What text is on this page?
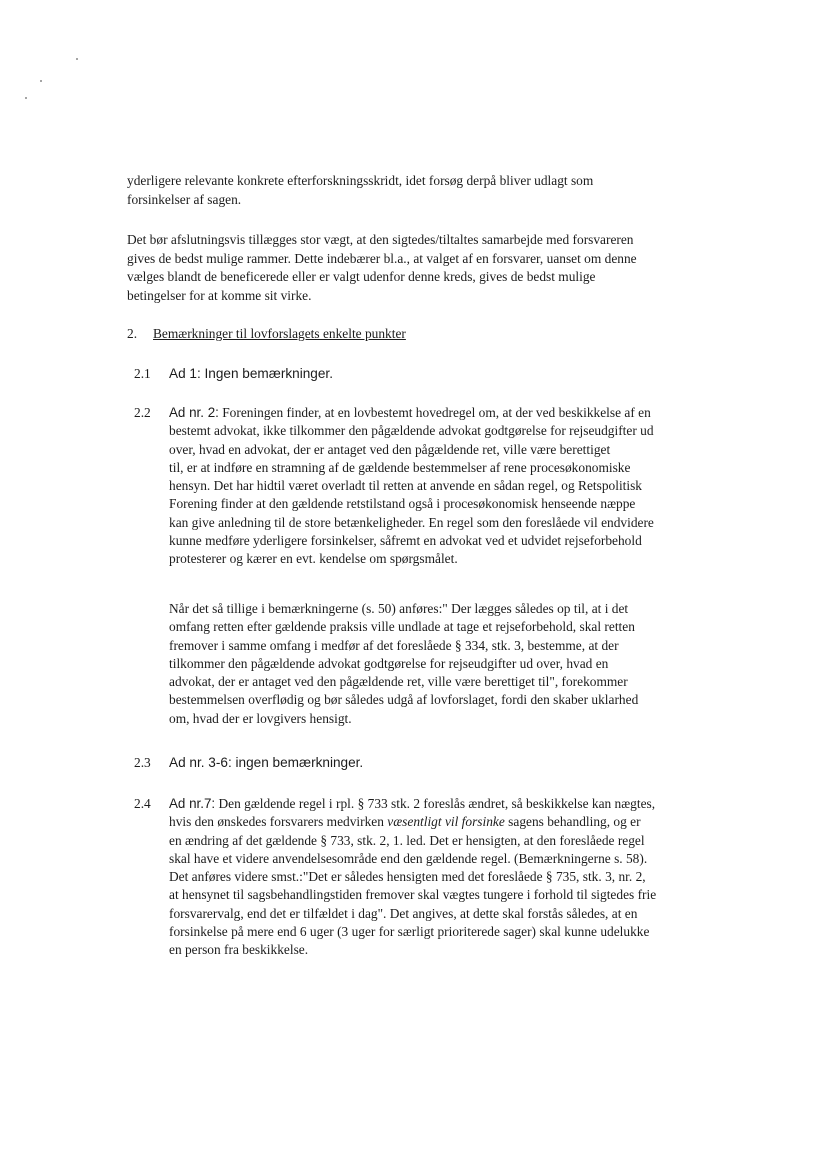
yderligere relevante konkrete efterforskningsskridt, idet forsøg derpå bliver udlagt som
forsinkelser af sagen.

Det bør afslutningsvis tillægges stor vægt, at den sigtedes/tiltaltes samarbejde med forsvareren
gives de bedst mulige rammer. Dette indebærer bl.a., at valget af en forsvarer, uanset om denne
vælges blandt de beneficerede eller er valgt udenfor denne kreds, gives de bedst mulige
betingelser for at komme sit virke.

2. Bemærkninger til lovforslagets enkelte punkter
2.1 Ad 1: Ingen bemærkninger.
2.2 Ad nr. 2: Foreningen finder, at en lovbestemt hovedregel om, at der ved beskikkelse af en
bestemt advokat, ikke tilkommer den pågældende advokat godtgørelse for rejseudgifter ud
over, hvad en advokat, der er antaget ved den pågældende ret, ville være berettiget
til, er at indføre en stramning af de gældende bestemmelser af rene procesøkonomiske
hensyn. Det har hidtil været overladt til retten at anvende en sådan regel, og Retspolitisk
Forening finder at den gældende retstilstand også i procesøkonomisk henseende næppe
kan give anledning til de store betænkeligheder. En regel som den foreslåede vil endvidere
kunne medføre yderligere forsinkelser, såfremt en advokat ved et udvidet rejseforbehold
protesterer og kærer en evt. kendelse om spørgsmålet.

Når det så tillige i bemærkningerne (s. 50) anføres:" Der lægges således op til, at i det
omfang retten efter gældende praksis ville undlade at tage et rejseforbehold, skal retten
fremover i samme omfang i medfør af det foreslåede § 334, stk. 3, bestemme, at der
tilkommer den pågældende advokat godtgørelse for rejseudgifter ud over, hvad en
advokat, der er antaget ved den pågældende ret, ville være berettiget til", forekommer
bestemmelsen overflødig og bør således udgå af lovforslaget, fordi den skaber uklarhed
om, hvad der er lovgivers hensigt.

2.3 Ad nr. 3-6: ingen bemærkninger.
2.4 Ad nr.7: Den gældende regel i rpl. § 733 stk. 2 foreslås ændret, så beskikkelse kan nægtes,
hvis den ønskedes forsvarers medvirken væsentligt vil forsinke sagens behandling, og er
en ændring af det gældende § 733, stk. 2, 1. led. Det er hensigten, at den foreslåede regel
skal have et videre anvendelsesområde end den gældende regel. (Bemærkningerne s. 58).
Det anføres videre smst.:"Det er således hensigten med det foreslåede § 735, stk. 3, nr. 2,
at hensynet til sagsbehandlingstiden fremover skal vægtes tungere i forhold til sigtedes frie
forsvarervalg, end det er tilfældet i dag". Det angives, at dette skal forstås således, at en
forsinkelse på mere end 6 uger (3 uger for særligt prioriterede sager) skal kunne udelukke
en person fra beskikkelse.
